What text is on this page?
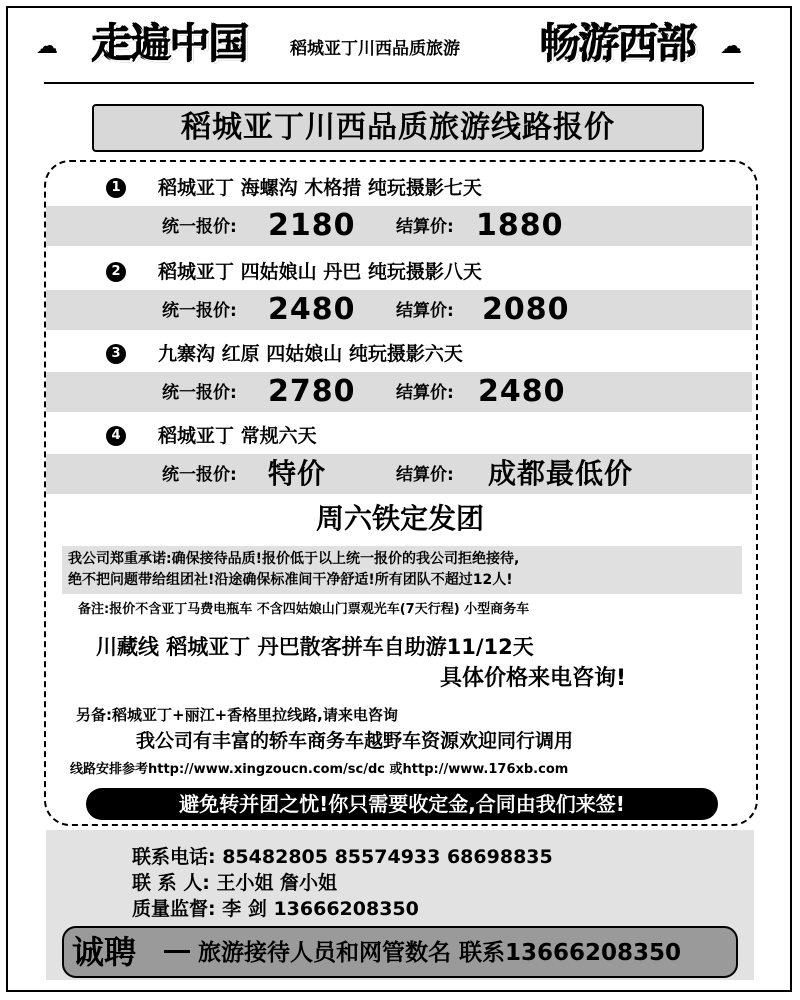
☁ 走遍中国 稻城亚丁川西品质旅游 畅游西部 ☁
稻城亚丁川西品质旅游线路报价
1 稻城亚丁 海螺沟 木格措 纯玩摄影七天
统一报价: 2180 结算价: 1880
2 稻城亚丁 四姑娘山 丹巴 纯玩摄影八天
统一报价: 2480 结算价: 2080
3 九寨沟 红原 四姑娘山 纯玩摄影六天
统一报价: 2780 结算价: 2480
4 稻城亚丁 常规六天
统一报价: 特价	结算价: 成都最低价
周六铁定发团
我公司郑重承诺:确保接待品质!报价低于以上统一报价的我公司拒绝接待,
绝不把问题带给组团社!沿途确保标准间干净舒适!所有团队不超过12人!
备注:报价不含亚丁马费电瓶车 不含四姑娘山门票观光车(7天行程) 小型商务车
川藏线 稻城亚丁 丹巴散客拼车自助游11/12天
具体价格来电咨询!
另备:稻城亚丁+丽江+香格里拉线路,请来电咨询
我公司有丰富的轿车商务车越野车资源欢迎同行调用
线路安排参考http://www.xingzoucn.com/sc/dc 或http://www.176xb.com
避免转并团之忧!你只需要收定金,合同由我们来签!
联系电话: 85482805 85574933 68698835
联 系 人: 王小姐 詹小姐
质量监督: 李 剑 13666208350
诚聘	旅游接待人员和网管数名 联系13666208350
